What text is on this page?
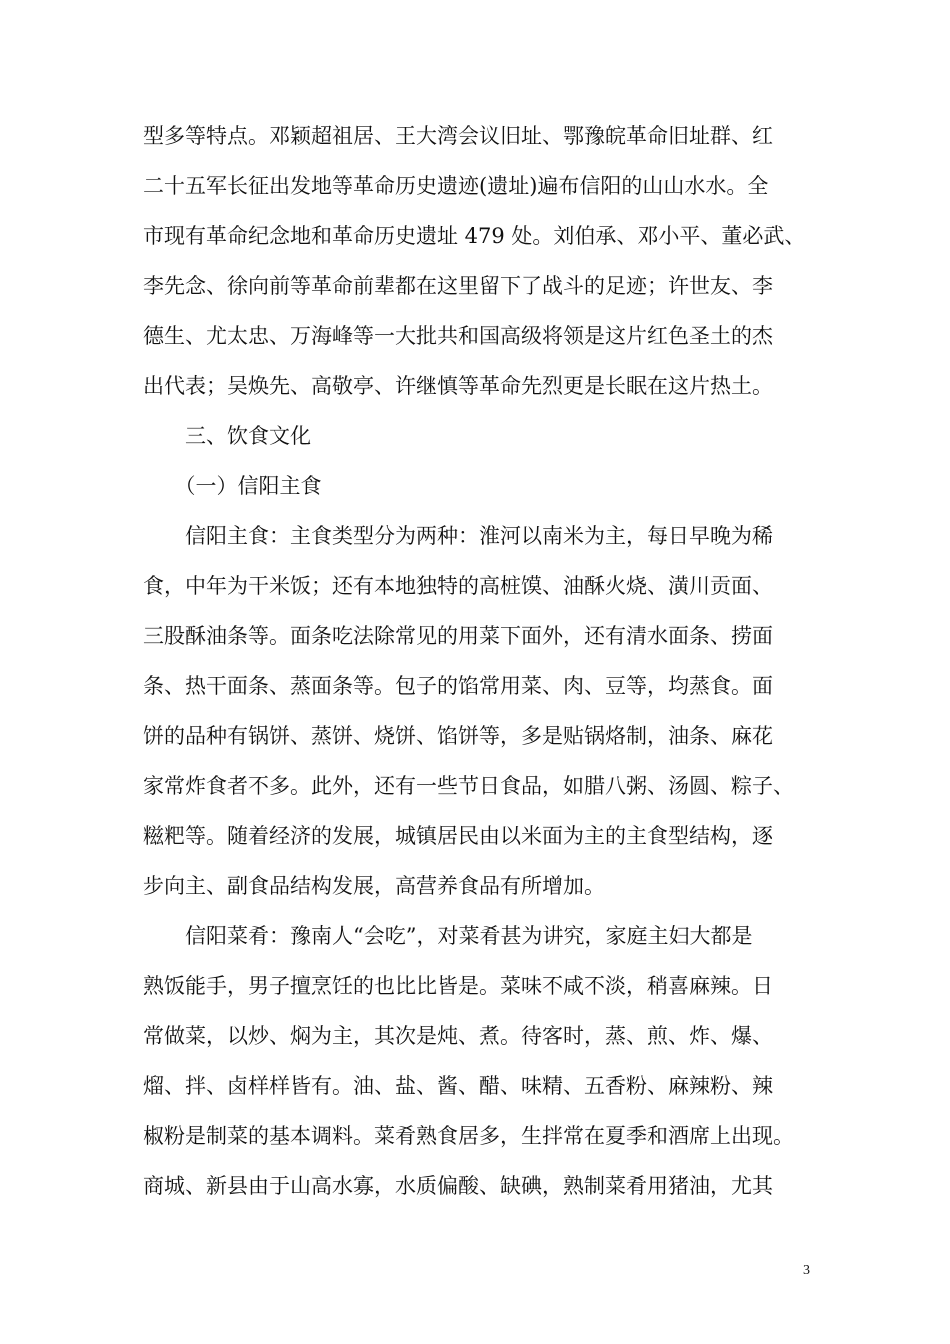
型多等特点。邓颖超祖居、王大湾会议旧址、鄂豫皖革命旧址群、红
二十五军长征出发地等革命历史遗迹(遗址)遍布信阳的山山水水。全
市现有革命纪念地和革命历史遗址 479 处。刘伯承、邓小平、董必武、
李先念、徐向前等革命前辈都在这里留下了战斗的足迹；许世友、李
德生、尤太忠、万海峰等一大批共和国高级将领是这片红色圣土的杰
出代表；吴焕先、高敬亭、许继慎等革命先烈更是长眠在这片热土。
　　三、饮食文化
　　（一）信阳主食
　　信阳主食：主食类型分为两种：淮河以南米为主，每日早晚为稀
食，中年为干米饭；还有本地独特的高桩馍、油酥火烧、潢川贡面、
三股酥油条等。面条吃法除常见的用菜下面外，还有清水面条、捞面
条、热干面条、蒸面条等。包子的馅常用菜、肉、豆等，均蒸食。面
饼的品种有锅饼、蒸饼、烧饼、馅饼等，多是贴锅烙制，油条、麻花
家常炸食者不多。此外，还有一些节日食品，如腊八粥、汤圆、粽子、
糍粑等。随着经济的发展，城镇居民由以米面为主的主食型结构，逐
步向主、副食品结构发展，高营养食品有所增加。
　　信阳菜肴：豫南人“会吃”，对菜肴甚为讲究，家庭主妇大都是
熟饭能手，男子擅烹饪的也比比皆是。菜味不咸不淡，稍喜麻辣。日
常做菜，以炒、焖为主，其次是炖、煮。待客时，蒸、煎、炸、爆、
熘、拌、卤样样皆有。油、盐、酱、醋、味精、五香粉、麻辣粉、辣
椒粉是制菜的基本调料。菜肴熟食居多，生拌常在夏季和酒席上出现。
商城、新县由于山高水寡，水质偏酸、缺碘，熟制菜肴用猪油，尤其
3
